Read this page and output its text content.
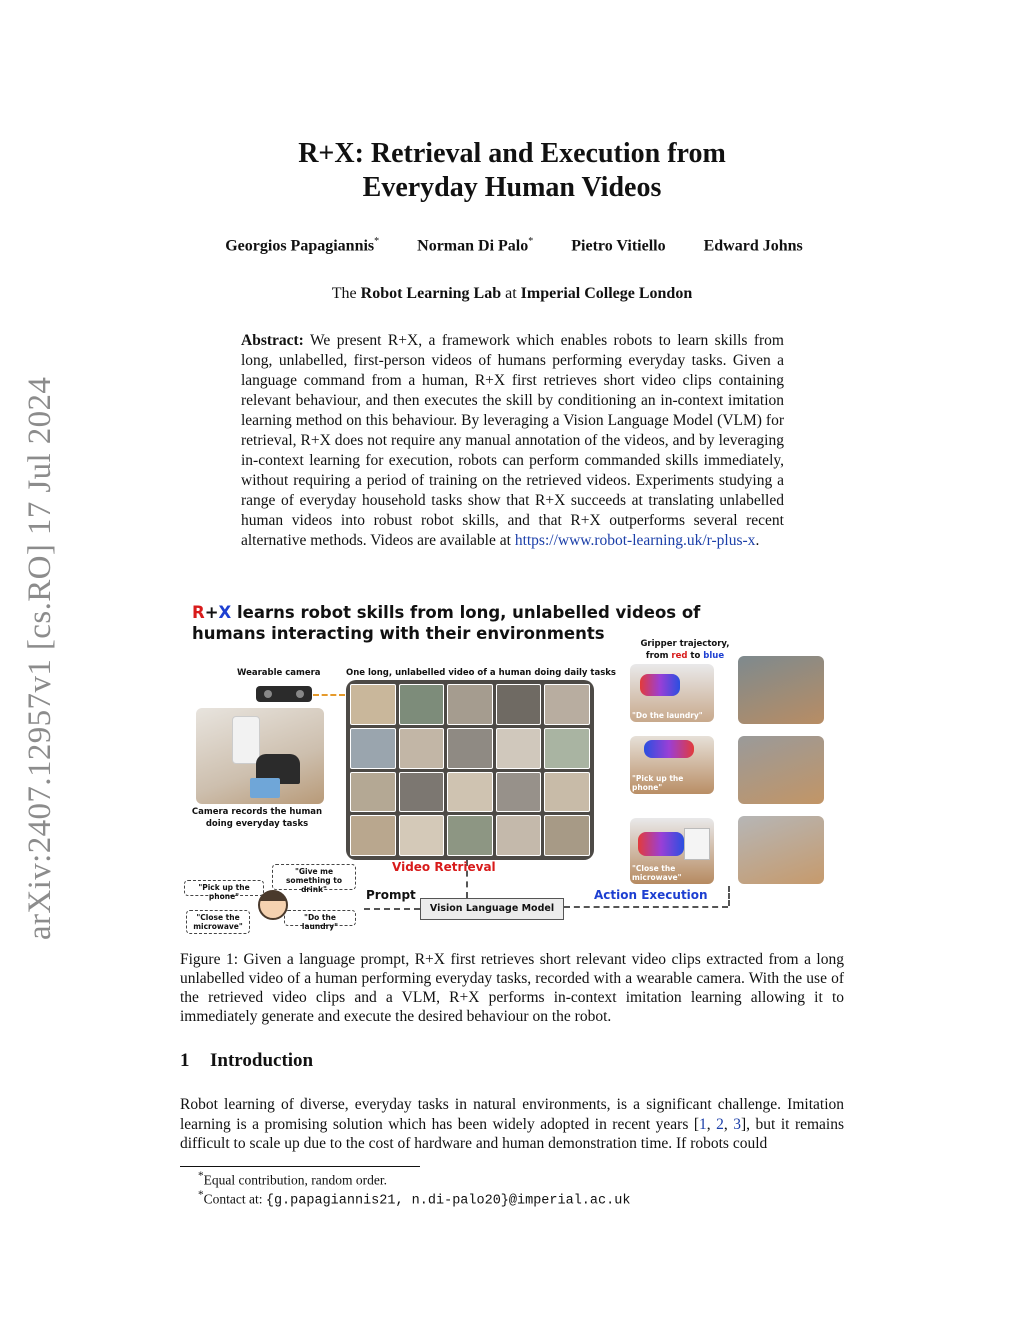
arXiv:2407.12957v1 [cs.RO] 17 Jul 2024
R+X: Retrieval and Execution from
Everyday Human Videos
Georgios Papagiannis* Norman Di Palo* Pietro Vitiello Edward Johns
The Robot Learning Lab at Imperial College London
Abstract: We present R+X, a framework which enables robots to learn skills from long, unlabelled, first-person videos of humans performing everyday tasks. Given a language command from a human, R+X first retrieves short video clips containing relevant behaviour, and then executes the skill by conditioning an in-context imitation learning method on this behaviour. By leveraging a Vision Language Model (VLM) for retrieval, R+X does not require any manual annotation of the videos, and by leveraging in-context learning for execution, robots can perform commanded skills immediately, without requiring a period of training on the retrieved videos. Experiments studying a range of everyday household tasks show that R+X succeeds at translating unlabelled human videos into robust robot skills, and that R+X outperforms several recent alternative methods. Videos are available at https://www.robot-learning.uk/r-plus-x.
R+X learns robot skills from long, unlabelled videos of humans interacting with their environments
Wearable camera	One long, unlabelled video of a human doing daily tasks
Camera records the human doing everyday tasks
Gripper trajectory,
from red to blue
"Do the laundry"
"Pick up the phone"
"Close the microwave"
Video Retrieval
Vision Language Model
Prompt	Action Execution
"Give me something to drink"
"Pick up the phone"
"Close the microwave"
"Do the laundry"
Figure 1: Given a language prompt, R+X first retrieves short relevant video clips extracted from a long unlabelled video of a human performing everyday tasks, recorded with a wearable camera. With the use of the retrieved video clips and a VLM, R+X performs in-context imitation learning allowing it to immediately generate and execute the desired behaviour on the robot.
1 Introduction
Robot learning of diverse, everyday tasks in natural environments, is a significant challenge. Imitation learning is a promising solution which has been widely adopted in recent years [1, 2, 3], but it remains difficult to scale up due to the cost of hardware and human demonstration time. If robots could
*Equal contribution, random order.
*Contact at: {g.papagiannis21, n.di-palo20}@imperial.ac.uk
